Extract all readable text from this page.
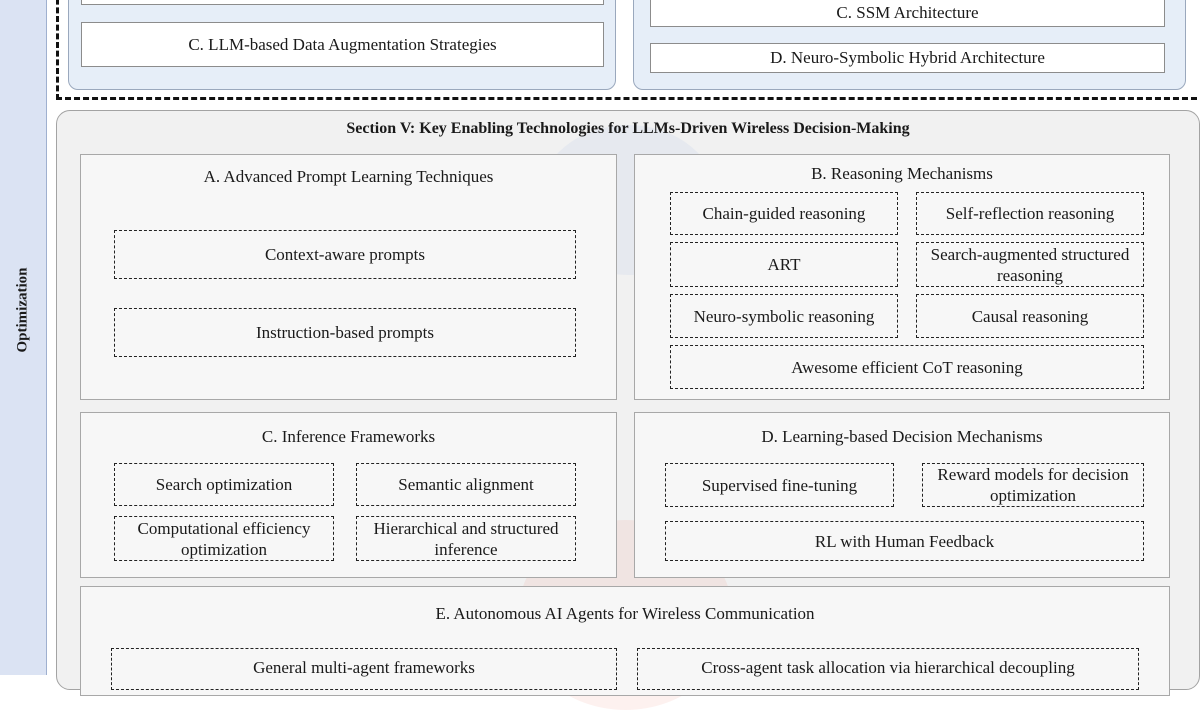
Optimization
C. LLM-based Data Augmentation Strategies
C. SSM Architecture
D. Neuro-Symbolic Hybrid Architecture
Section V: Key Enabling Technologies for LLMs-Driven Wireless Decision-Making
A. Advanced Prompt Learning Techniques
Context-aware prompts
Instruction-based prompts
B. Reasoning Mechanisms
Chain-guided reasoning	Self-reflection reasoning
ART
Search-augmented structured reasoning
Neuro-symbolic reasoning	Causal reasoning
Awesome efficient CoT reasoning
C. Inference Frameworks
Search optimization	Semantic alignment
Computational efficiency optimization
Hierarchical and structured inference
D. Learning-based Decision Mechanisms
Supervised fine-tuning
Reward models for decision optimization
RL with Human Feedback
E. Autonomous AI Agents for Wireless Communication
General multi-agent frameworks	Cross-agent task allocation via hierarchical decoupling
